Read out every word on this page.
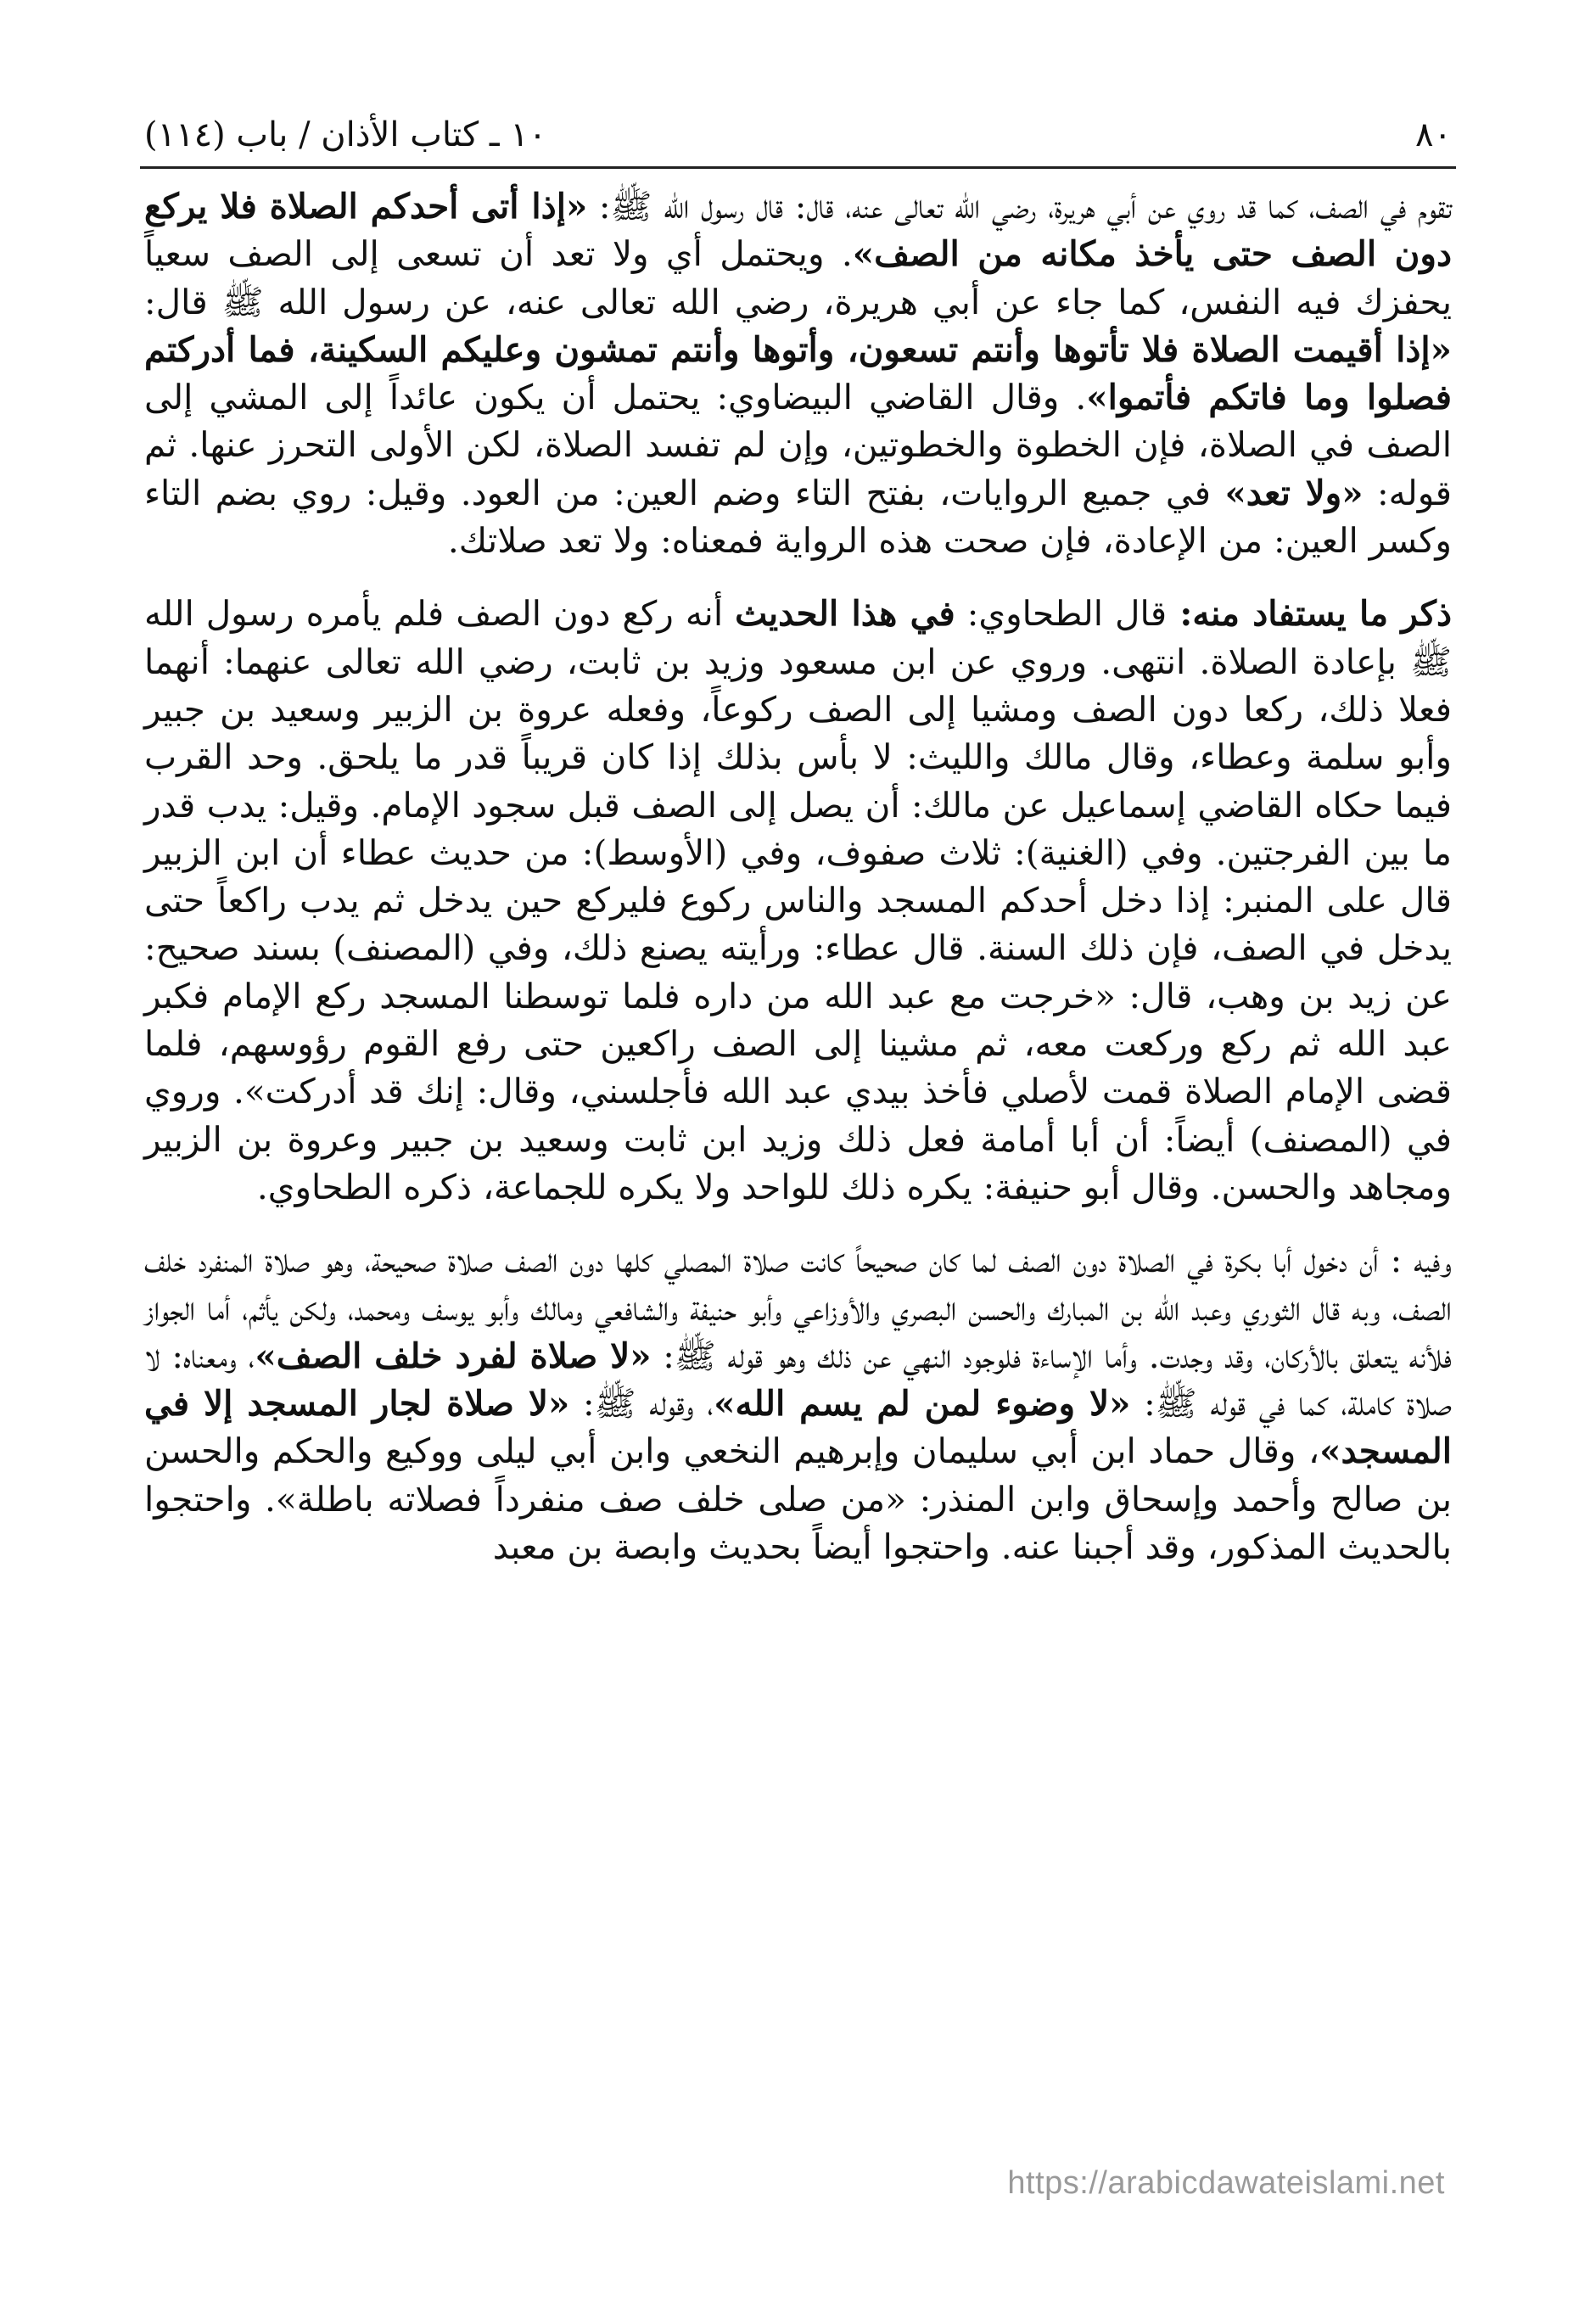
٨٠
١٠ ـ كتاب الأذان / باب (١١٤)

تقوم في الصف، كما قد روي عن أبي هريرة، رضي الله تعالى عنه، قال: قال رسول الله ﷺ: «إذا أتى أحدكم الصلاة فلا يركع دون الصف حتى يأخذ مكانه من الصف». ويحتمل أي ولا تعد أن تسعى إلى الصف سعياً يحفزك فيه النفس، كما جاء عن أبي هريرة، رضي الله تعالى عنه، عن رسول الله ﷺ قال: «إذا أقيمت الصلاة فلا تأتوها وأنتم تسعون، وأتوها وأنتم تمشون وعليكم السكينة، فما أدركتم فصلوا وما فاتكم فأتموا». وقال القاضي البيضاوي: يحتمل أن يكون عائداً إلى المشي إلى الصف في الصلاة، فإن الخطوة والخطوتين، وإن لم تفسد الصلاة، لكن الأولى التحرز عنها. ثم قوله: «ولا تعد» في جميع الروايات، بفتح التاء وضم العين: من العود. وقيل: روي بضم التاء وكسر العين: من الإعادة، فإن صحت هذه الرواية فمعناه: ولا تعد صلاتك.

ذكر ما يستفاد منه: قال الطحاوي: في هذا الحديث أنه ركع دون الصف فلم يأمره رسول الله ﷺ بإعادة الصلاة. انتهى. وروي عن ابن مسعود وزيد بن ثابت، رضي الله تعالى عنهما: أنهما فعلا ذلك، ركعا دون الصف ومشيا إلى الصف ركوعاً، وفعله عروة بن الزبير وسعيد بن جبير وأبو سلمة وعطاء، وقال مالك والليث: لا بأس بذلك إذا كان قريباً قدر ما يلحق. وحد القرب فيما حكاه القاضي إسماعيل عن مالك: أن يصل إلى الصف قبل سجود الإمام. وقيل: يدب قدر ما بين الفرجتين. وفي (الغنية): ثلاث صفوف، وفي (الأوسط): من حديث عطاء أن ابن الزبير قال على المنبر: إذا دخل أحدكم المسجد والناس ركوع فليركع حين يدخل ثم يدب راكعاً حتى يدخل في الصف، فإن ذلك السنة. قال عطاء: ورأيته يصنع ذلك، وفي (المصنف) بسند صحيح: عن زيد بن وهب، قال: «خرجت مع عبد الله من داره فلما توسطنا المسجد ركع الإمام فكبر عبد الله ثم ركع وركعت معه، ثم مشينا إلى الصف راكعين حتى رفع القوم رؤوسهم، فلما قضى الإمام الصلاة قمت لأصلي فأخذ بيدي عبد الله فأجلسني، وقال: إنك قد أدركت». وروي في (المصنف) أيضاً: أن أبا أمامة فعل ذلك وزيد ابن ثابت وسعيد بن جبير وعروة بن الزبير ومجاهد والحسن. وقال أبو حنيفة: يكره ذلك للواحد ولا يكره للجماعة، ذكره الطحاوي.

وفيه : أن دخول أبا بكرة في الصلاة دون الصف لما كان صحيحاً كانت صلاة المصلي كلها دون الصف صلاة صحيحة، وهو صلاة المنفرد خلف الصف، وبه قال الثوري وعبد الله بن المبارك والحسن البصري والأوزاعي وأبو حنيفة والشافعي ومالك وأبو يوسف ومحمد، ولكن يأثم، أما الجواز فلأنه يتعلق بالأركان، وقد وجدت. وأما الإساءة فلوجود النهي عن ذلك وهو قوله ﷺ: «لا صلاة لفرد خلف الصف»، ومعناه: لا صلاة كاملة، كما في قوله ﷺ: «لا وضوء لمن لم يسم الله»، وقوله ﷺ: «لا صلاة لجار المسجد إلا في المسجد»، وقال حماد ابن أبي سليمان وإبرهيم النخعي وابن أبي ليلى ووكيع والحكم والحسن بن صالح وأحمد وإسحاق وابن المنذر: «من صلى خلف صف منفرداً فصلاته باطلة». واحتجوا بالحديث المذكور، وقد أجبنا عنه. واحتجوا أيضاً بحديث وابصة بن معبد

https://arabicdawateislami.net
